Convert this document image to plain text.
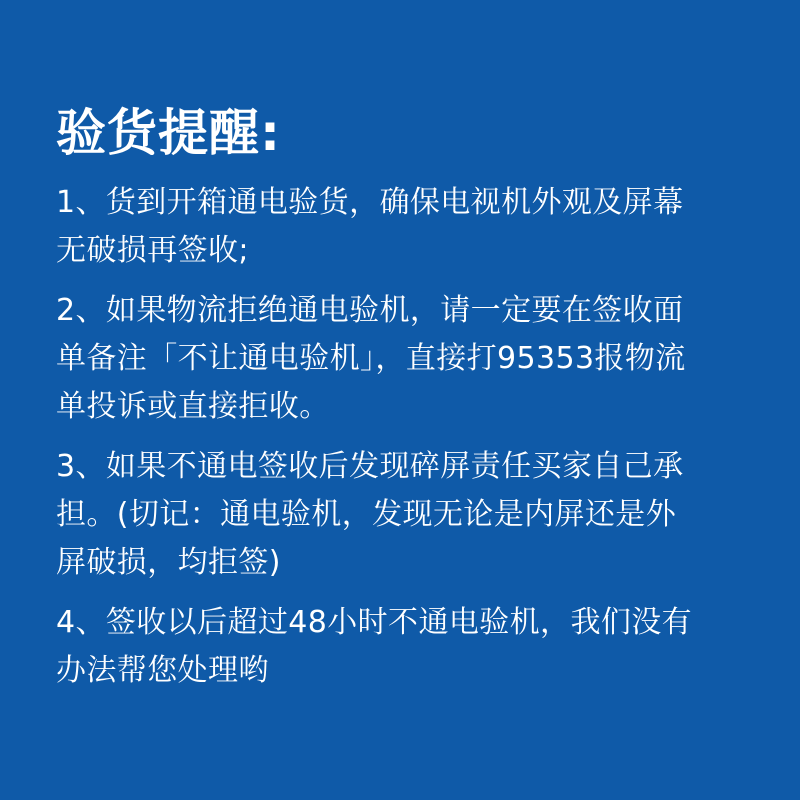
验货提醒:
1、货到开箱通电验货，确保电视机外观及屏幕
无破损再签收;
2、如果物流拒绝通电验机，请一定要在签收面
单备注「不让通电验机」，直接打95353报物流
单投诉或直接拒收。
3、如果不通电签收后发现碎屏责任买家自己承
担。(切记：通电验机，发现无论是内屏还是外
屏破损，均拒签)
4、签收以后超过48小时不通电验机，我们没有
办法帮您处理哟
